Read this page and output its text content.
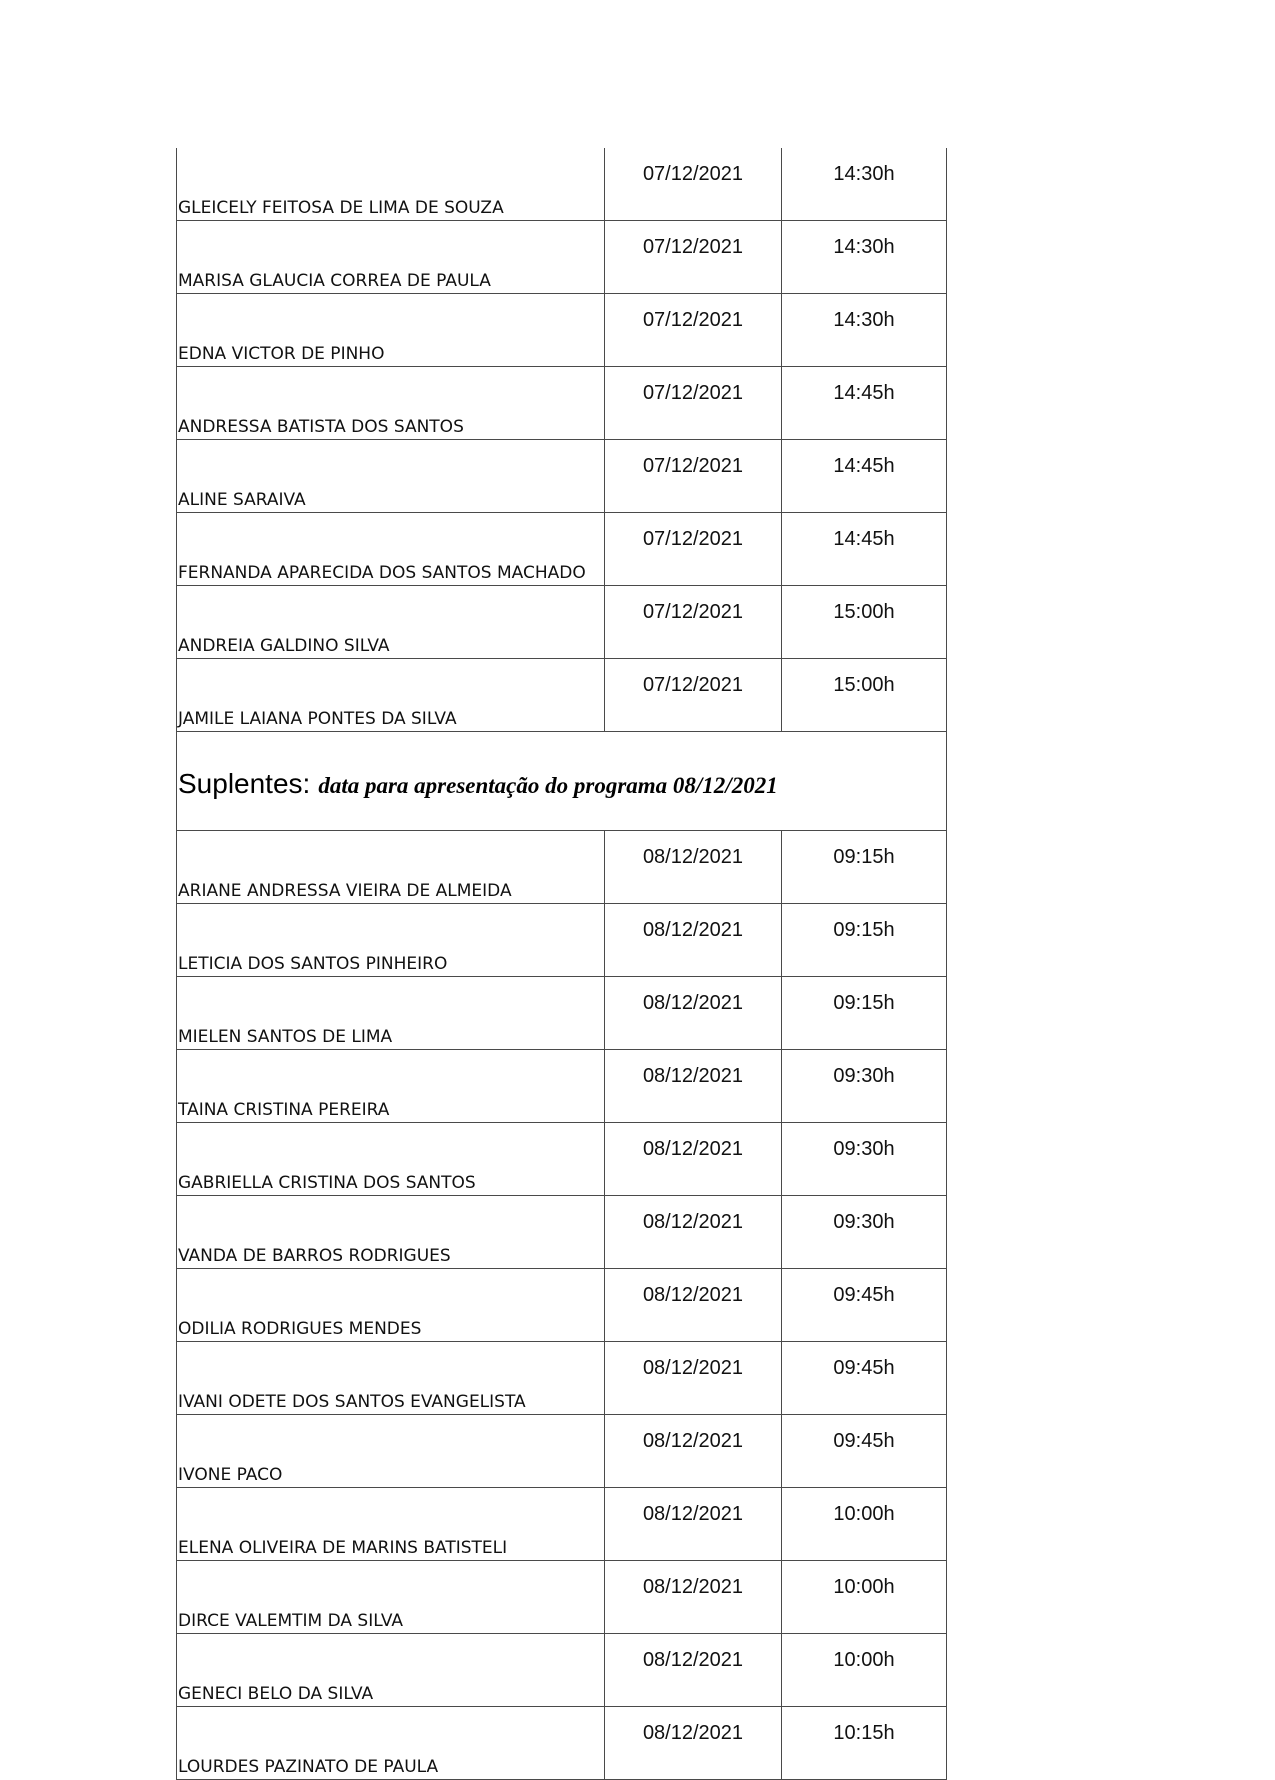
GLEICELY FEITOSA DE LIMA DE SOUZA	07/12/2021	14:30h
MARISA GLAUCIA CORREA DE PAULA	07/12/2021	14:30h
EDNA VICTOR DE PINHO	07/12/2021	14:30h
ANDRESSA BATISTA DOS SANTOS	07/12/2021	14:45h
ALINE SARAIVA	07/12/2021	14:45h
FERNANDA APARECIDA DOS SANTOS MACHADO	07/12/2021	14:45h
ANDREIA GALDINO SILVA	07/12/2021	15:00h
JAMILE LAIANA PONTES DA SILVA	07/12/2021	15:00h
Suplentes: data para apresentação do programa 08/12/2021		
ARIANE ANDRESSA VIEIRA DE ALMEIDA	08/12/2021	09:15h
LETICIA DOS SANTOS PINHEIRO	08/12/2021	09:15h
MIELEN SANTOS DE LIMA	08/12/2021	09:15h
TAINA CRISTINA PEREIRA	08/12/2021	09:30h
GABRIELLA CRISTINA DOS SANTOS	08/12/2021	09:30h
VANDA DE BARROS RODRIGUES	08/12/2021	09:30h
ODILIA RODRIGUES MENDES	08/12/2021	09:45h
IVANI ODETE DOS SANTOS EVANGELISTA	08/12/2021	09:45h
IVONE PACO	08/12/2021	09:45h
ELENA OLIVEIRA DE MARINS BATISTELI	08/12/2021	10:00h
DIRCE VALEMTIM DA SILVA	08/12/2021	10:00h
GENECI BELO DA SILVA	08/12/2021	10:00h
LOURDES PAZINATO DE PAULA	08/12/2021	10:15h
